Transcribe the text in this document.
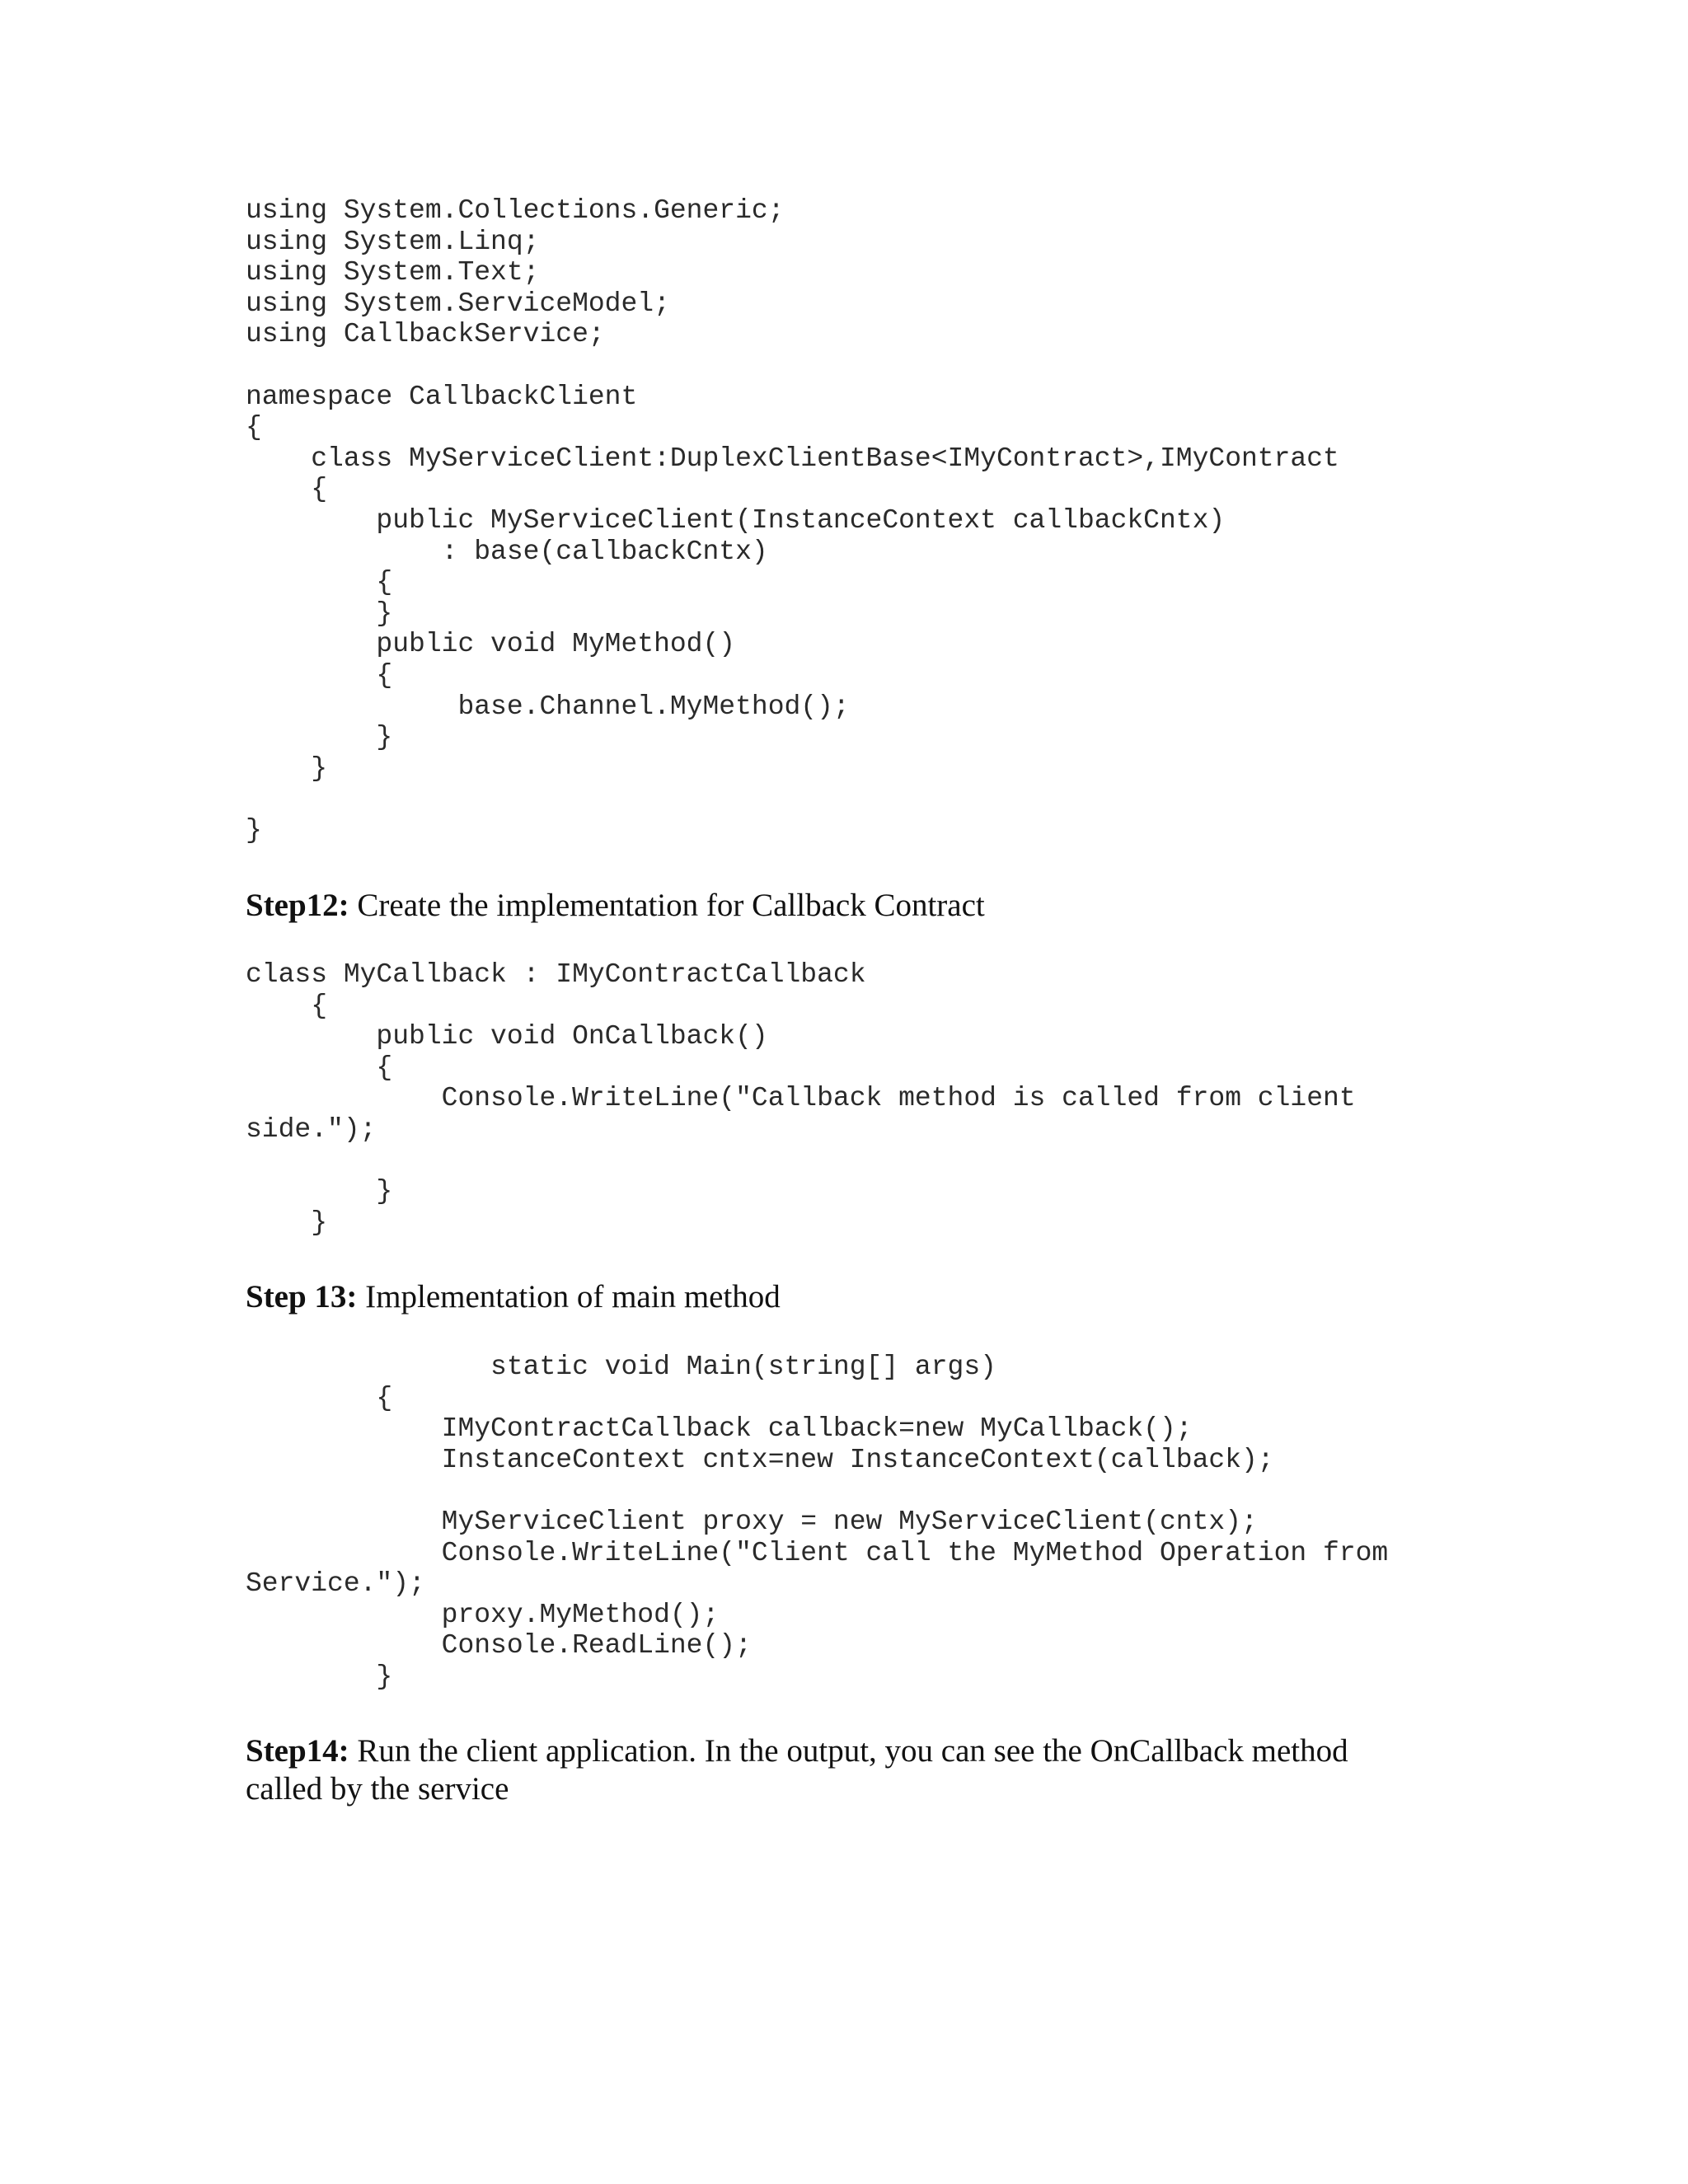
using System.Collections.Generic;
using System.Linq;
using System.Text;
using System.ServiceModel;
using CallbackService;
namespace CallbackClient
{
class MyServiceClient:DuplexClientBase<IMyContract>,IMyContract
{
public MyServiceClient(InstanceContext callbackCntx)
: base(callbackCntx)
{
}
public void MyMethod()
{
base.Channel.MyMethod();
}
}
}

Step12: Create the implementation for Callback Contract

class MyCallback : IMyContractCallback
{
public void OnCallback()
{
Console.WriteLine("Callback method is called from client
side.");
}
}

Step 13: Implementation of main method

static void Main(string[] args)
{
IMyContractCallback callback=new MyCallback();
InstanceContext cntx=new InstanceContext(callback);
MyServiceClient proxy = new MyServiceClient(cntx);
Console.WriteLine("Client call the MyMethod Operation from
Service.");
proxy.MyMethod();
Console.ReadLine();
}

Step14: Run the client application. In the output, you can see the OnCallback method called by the service
